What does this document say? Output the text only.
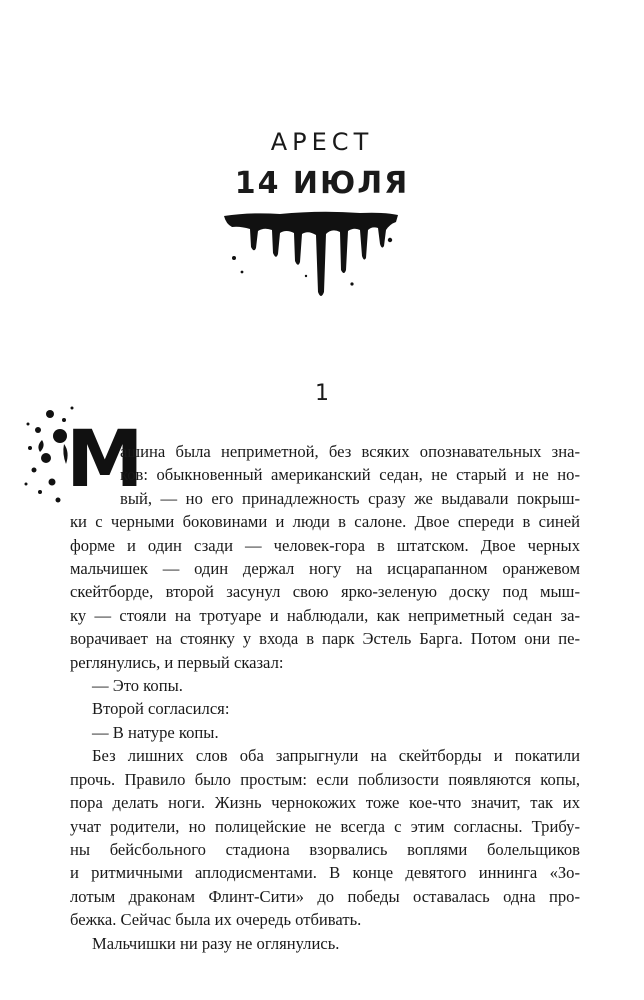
АРЕСТ
14 ИЮЛЯ
1
М
ашина была неприметной, без всяких опознавательных зна-
ков: обыкновенный американский седан, не старый и не но-
вый, — но его принадлежность сразу же выдавали покрыш-
ки с черными боковинами и люди в салоне. Двое спереди в синей
форме и один сзади — человек-гора в штатском. Двое черных
мальчишек — один держал ногу на исцарапанном оранжевом
скейтборде, второй засунул свою ярко-зеленую доску под мыш-
ку — стояли на тротуаре и наблюдали, как неприметный седан за-
ворачивает на стоянку у входа в парк Эстель Барга. Потом они пе-
реглянулись, и первый сказал:
— Это копы.
Второй согласился:
— В натуре копы.
Без лишних слов оба запрыгнули на скейтборды и покатили
прочь. Правило было простым: если поблизости появляются копы,
пора делать ноги. Жизнь чернокожих тоже кое-что значит, так их
учат родители, но полицейские не всегда с этим согласны. Трибу-
ны бейсбольного стадиона взорвались воплями болельщиков
и ритмичными аплодисментами. В конце девятого иннинга «Зо-
лотым драконам Флинт-Сити» до победы оставалась одна про-
бежка. Сейчас была их очередь отбивать.
Мальчишки ни разу не оглянулись.
